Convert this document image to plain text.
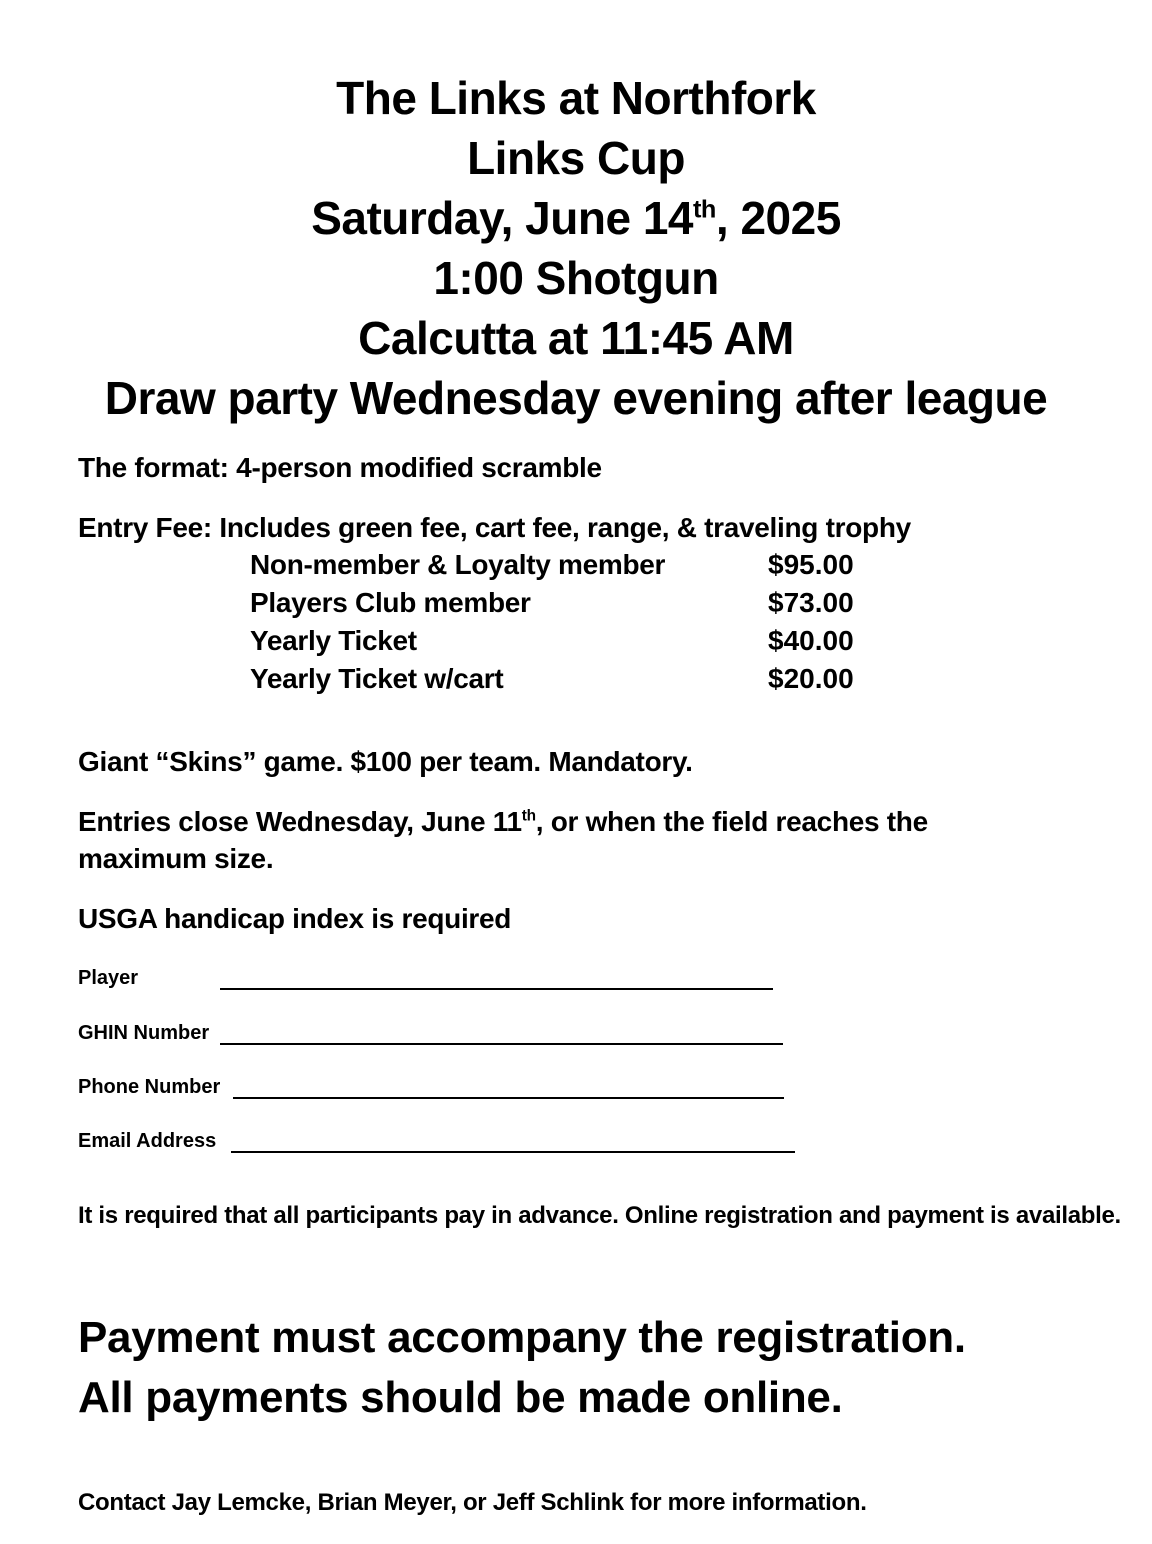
The Links at Northfork
Links Cup
Saturday, June 14th, 2025
1:00 Shotgun
Calcutta at 11:45 AM
Draw party Wednesday evening after league
The format: 4-person modified scramble
Entry Fee: Includes green fee, cart fee, range, & traveling trophy
Non-member & Loyalty member	$95.00
Players Club member	$73.00
Yearly Ticket	$40.00
Yearly Ticket w/cart	$20.00
Giant “Skins” game. $100 per team. Mandatory.
Entries close Wednesday, June 11th, or when the field reaches the
maximum size.
USGA handicap index is required
Player
GHIN Number
Phone Number
Email Address
It is required that all participants pay in advance. Online registration and payment is available.
Payment must accompany the registration.
All payments should be made online.
Contact Jay Lemcke, Brian Meyer, or Jeff Schlink for more information.
